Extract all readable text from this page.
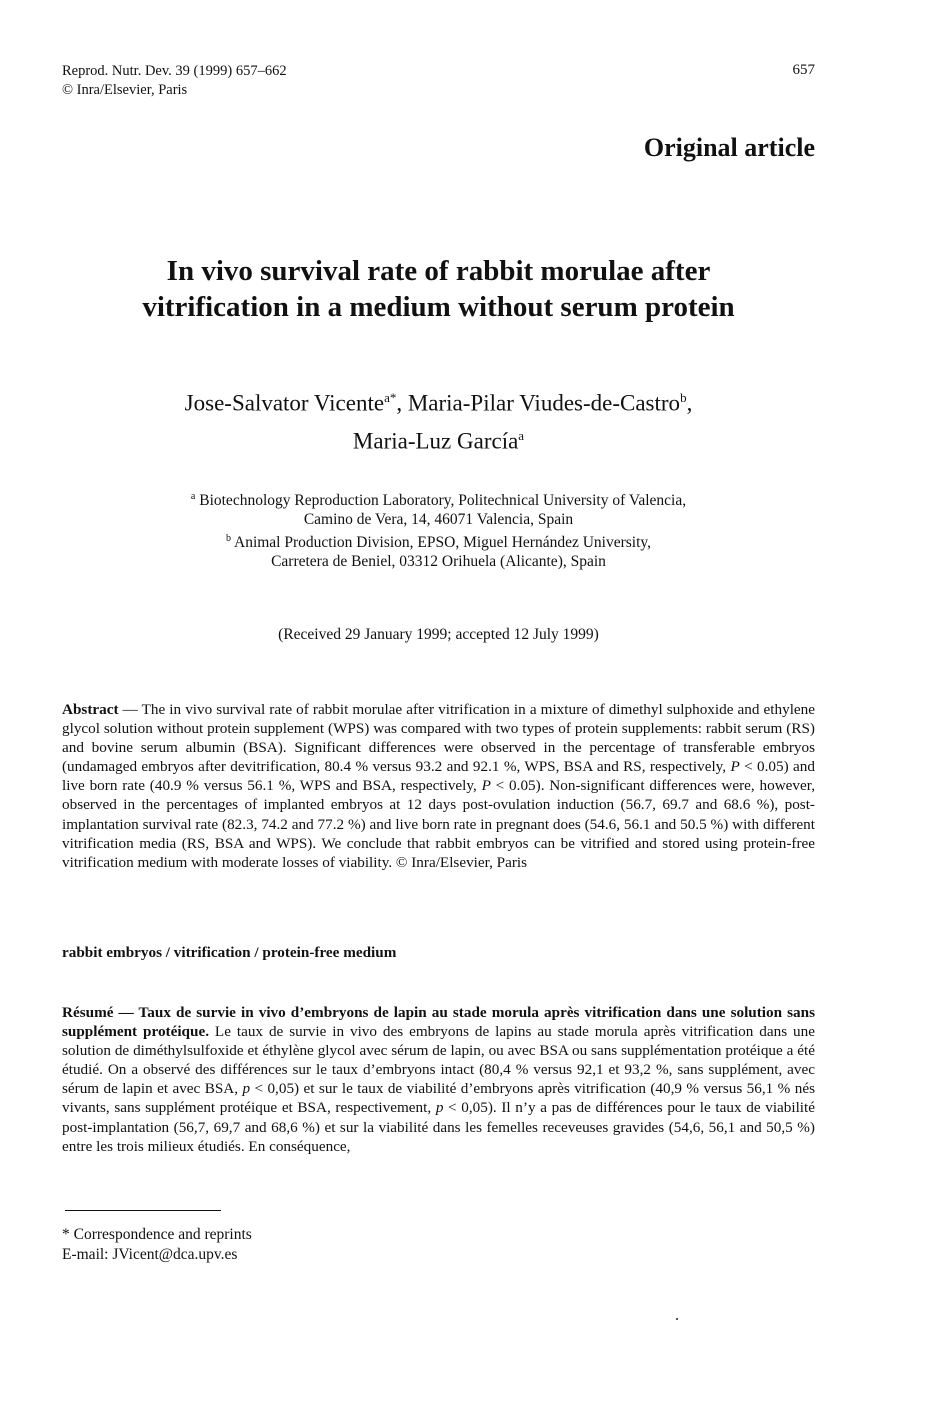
Reprod. Nutr. Dev. 39 (1999) 657–662
© Inra/Elsevier, Paris
657
Original article
In vivo survival rate of rabbit morulae after
vitrification in a medium without serum protein
Jose-Salvator Vicente$^{a*}$, Maria-Pilar Viudes-de-Castro$^b$,
Maria-Luz García$^a$
$^a$ Biotechnology Reproduction Laboratory, Politechnical University of Valencia,
Camino de Vera, 14, 46071 Valencia, Spain
$^b$ Animal Production Division, EPSO, Miguel Hernández University,
Carretera de Beniel, 03312 Orihuela (Alicante), Spain
(Received 29 January 1999; accepted 12 July 1999)
Abstract — The in vivo survival rate of rabbit morulae after vitrification in a mixture of dimethyl sulphoxide and ethylene glycol solution without protein supplement (WPS) was compared with two types of protein supplements: rabbit serum (RS) and bovine serum albumin (BSA). Significant differences were observed in the percentage of transferable embryos (undamaged embryos after devitrification, 80.4 % versus 93.2 and 92.1 %, WPS, BSA and RS, respectively, P < 0.05) and live born rate (40.9 % versus 56.1 %, WPS and BSA, respectively, P < 0.05). Non-significant differences were, however, observed in the percentages of implanted embryos at 12 days post-ovulation induction (56.7, 69.7 and 68.6 %), post-implantation survival rate (82.3, 74.2 and 77.2 %) and live born rate in pregnant does (54.6, 56.1 and 50.5 %) with different vitrification media (RS, BSA and WPS). We conclude that rabbit embryos can be vitrified and stored using protein-free vitrification medium with moderate losses of viability. © Inra/Elsevier, Paris
rabbit embryos / vitrification / protein-free medium
Résumé — Taux de survie in vivo d’embryons de lapin au stade morula après vitrification dans une solution sans supplément protéique. Le taux de survie in vivo des embryons de lapins au stade morula après vitrification dans une solution de diméthylsulfoxide et éthylène glycol avec sérum de lapin, ou avec BSA ou sans supplémentation protéique a été étudié. On a observé des différences sur le taux d’embryons intact (80,4 % versus 92,1 et 93,2 %, sans supplément, avec sérum de lapin et avec BSA, p < 0,05) et sur le taux de viabilité d’embryons après vitrification (40,9 % versus 56,1 % nés vivants, sans supplément protéique et BSA, respectivement, p < 0,05). Il n’y a pas de différences pour le taux de viabilité post-implantation (56,7, 69,7 and 68,6 %) et sur la viabilité dans les femelles receveuses gravides (54,6, 56,1 and 50,5 %) entre les trois milieux étudiés. En conséquence,
* Correspondence and reprints
E-mail: JVicent@dca.upv.es
